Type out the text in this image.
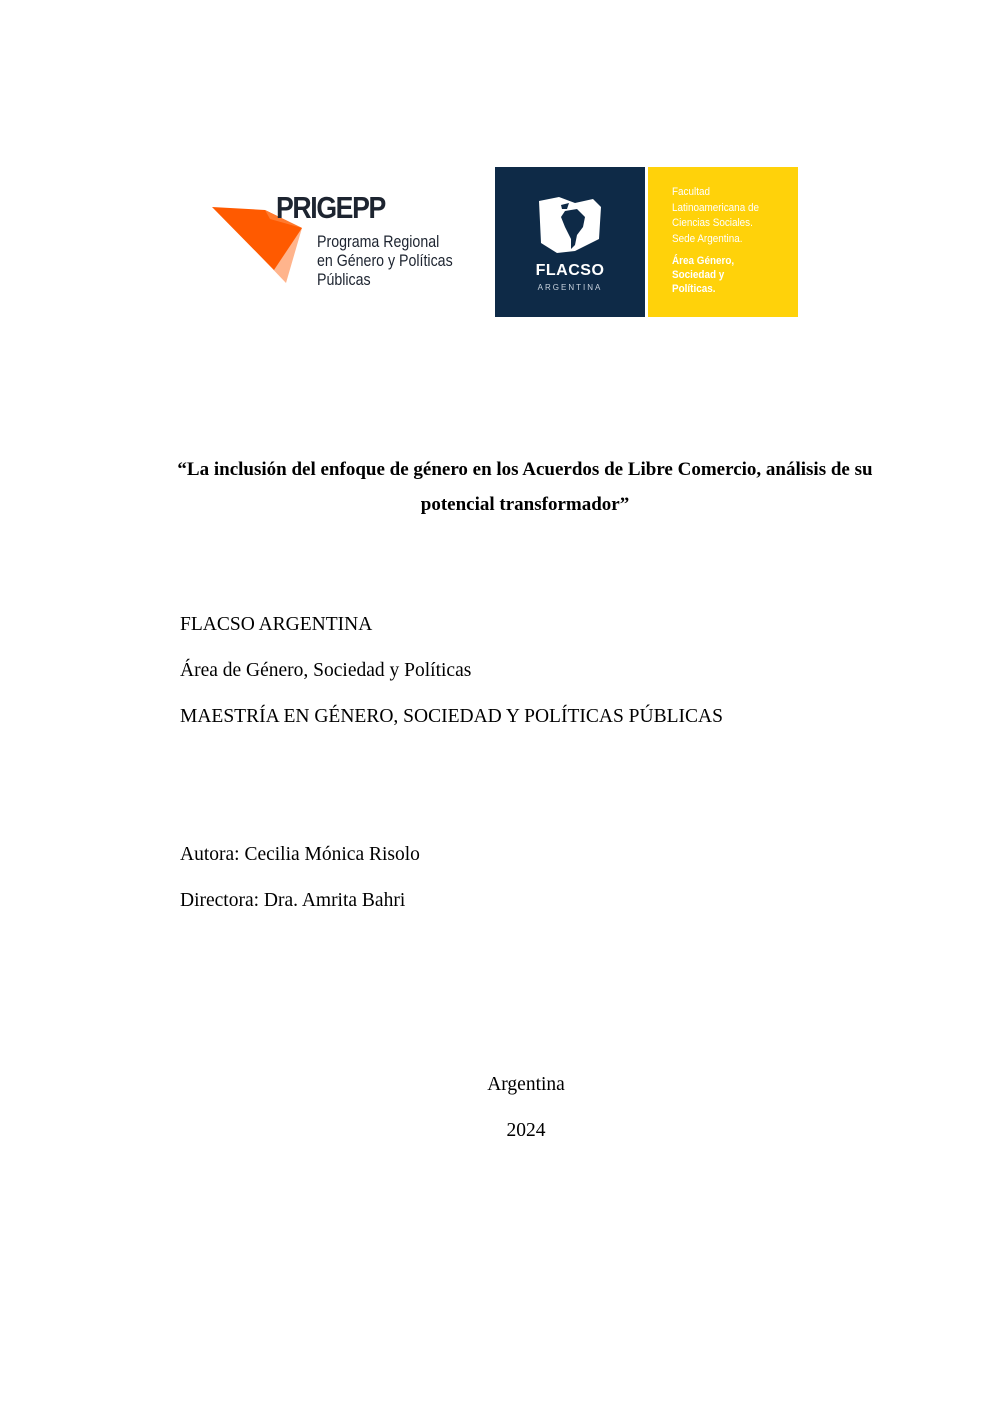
PRIGEPP
Programa Regional
en Género y Políticas
Públicas
FLACSO
ARGENTINA
Facultad
Latinoamericana de
Ciencias Sociales.
Sede Argentina.
Área Género,
Sociedad y
Políticas.
“La inclusión del enfoque de género en los Acuerdos de Libre Comercio, análisis de su potencial transformador”
FLACSO ARGENTINA
Área de Género, Sociedad y Políticas
MAESTRÍA EN GÉNERO, SOCIEDAD Y POLÍTICAS PÚBLICAS
Autora: Cecilia Mónica Risolo
Directora: Dra. Amrita Bahri
Argentina
2024
